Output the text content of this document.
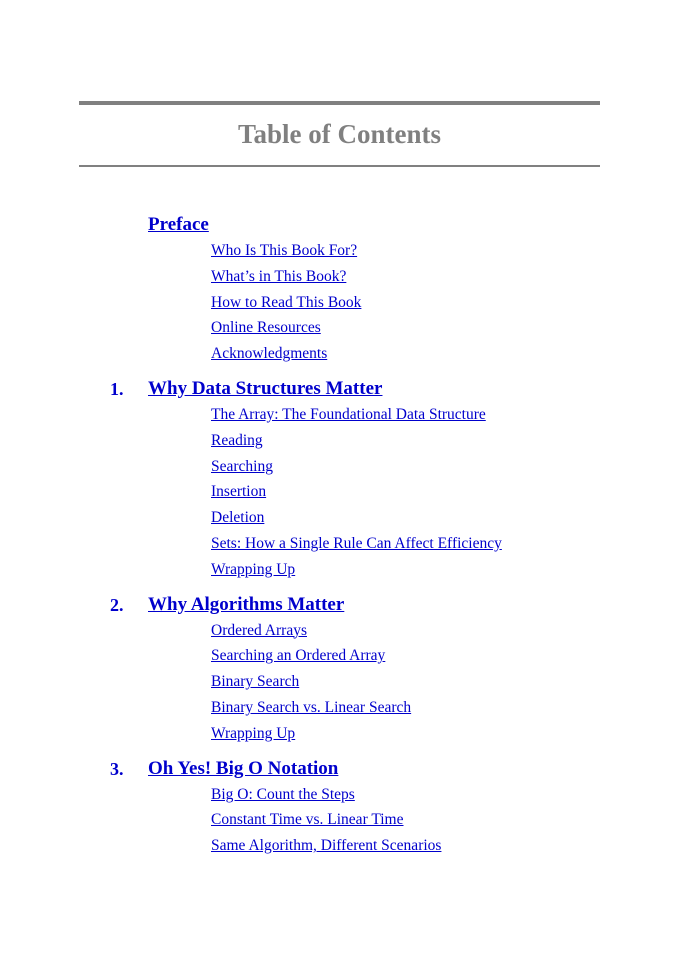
Table of Contents
Preface
Who Is This Book For?
What’s in This Book?
How to Read This Book
Online Resources
Acknowledgments
1. Why Data Structures Matter
The Array: The Foundational Data Structure
Reading
Searching
Insertion
Deletion
Sets: How a Single Rule Can Affect Efficiency
Wrapping Up
2. Why Algorithms Matter
Ordered Arrays
Searching an Ordered Array
Binary Search
Binary Search vs. Linear Search
Wrapping Up
3. Oh Yes! Big O Notation
Big O: Count the Steps
Constant Time vs. Linear Time
Same Algorithm, Different Scenarios
